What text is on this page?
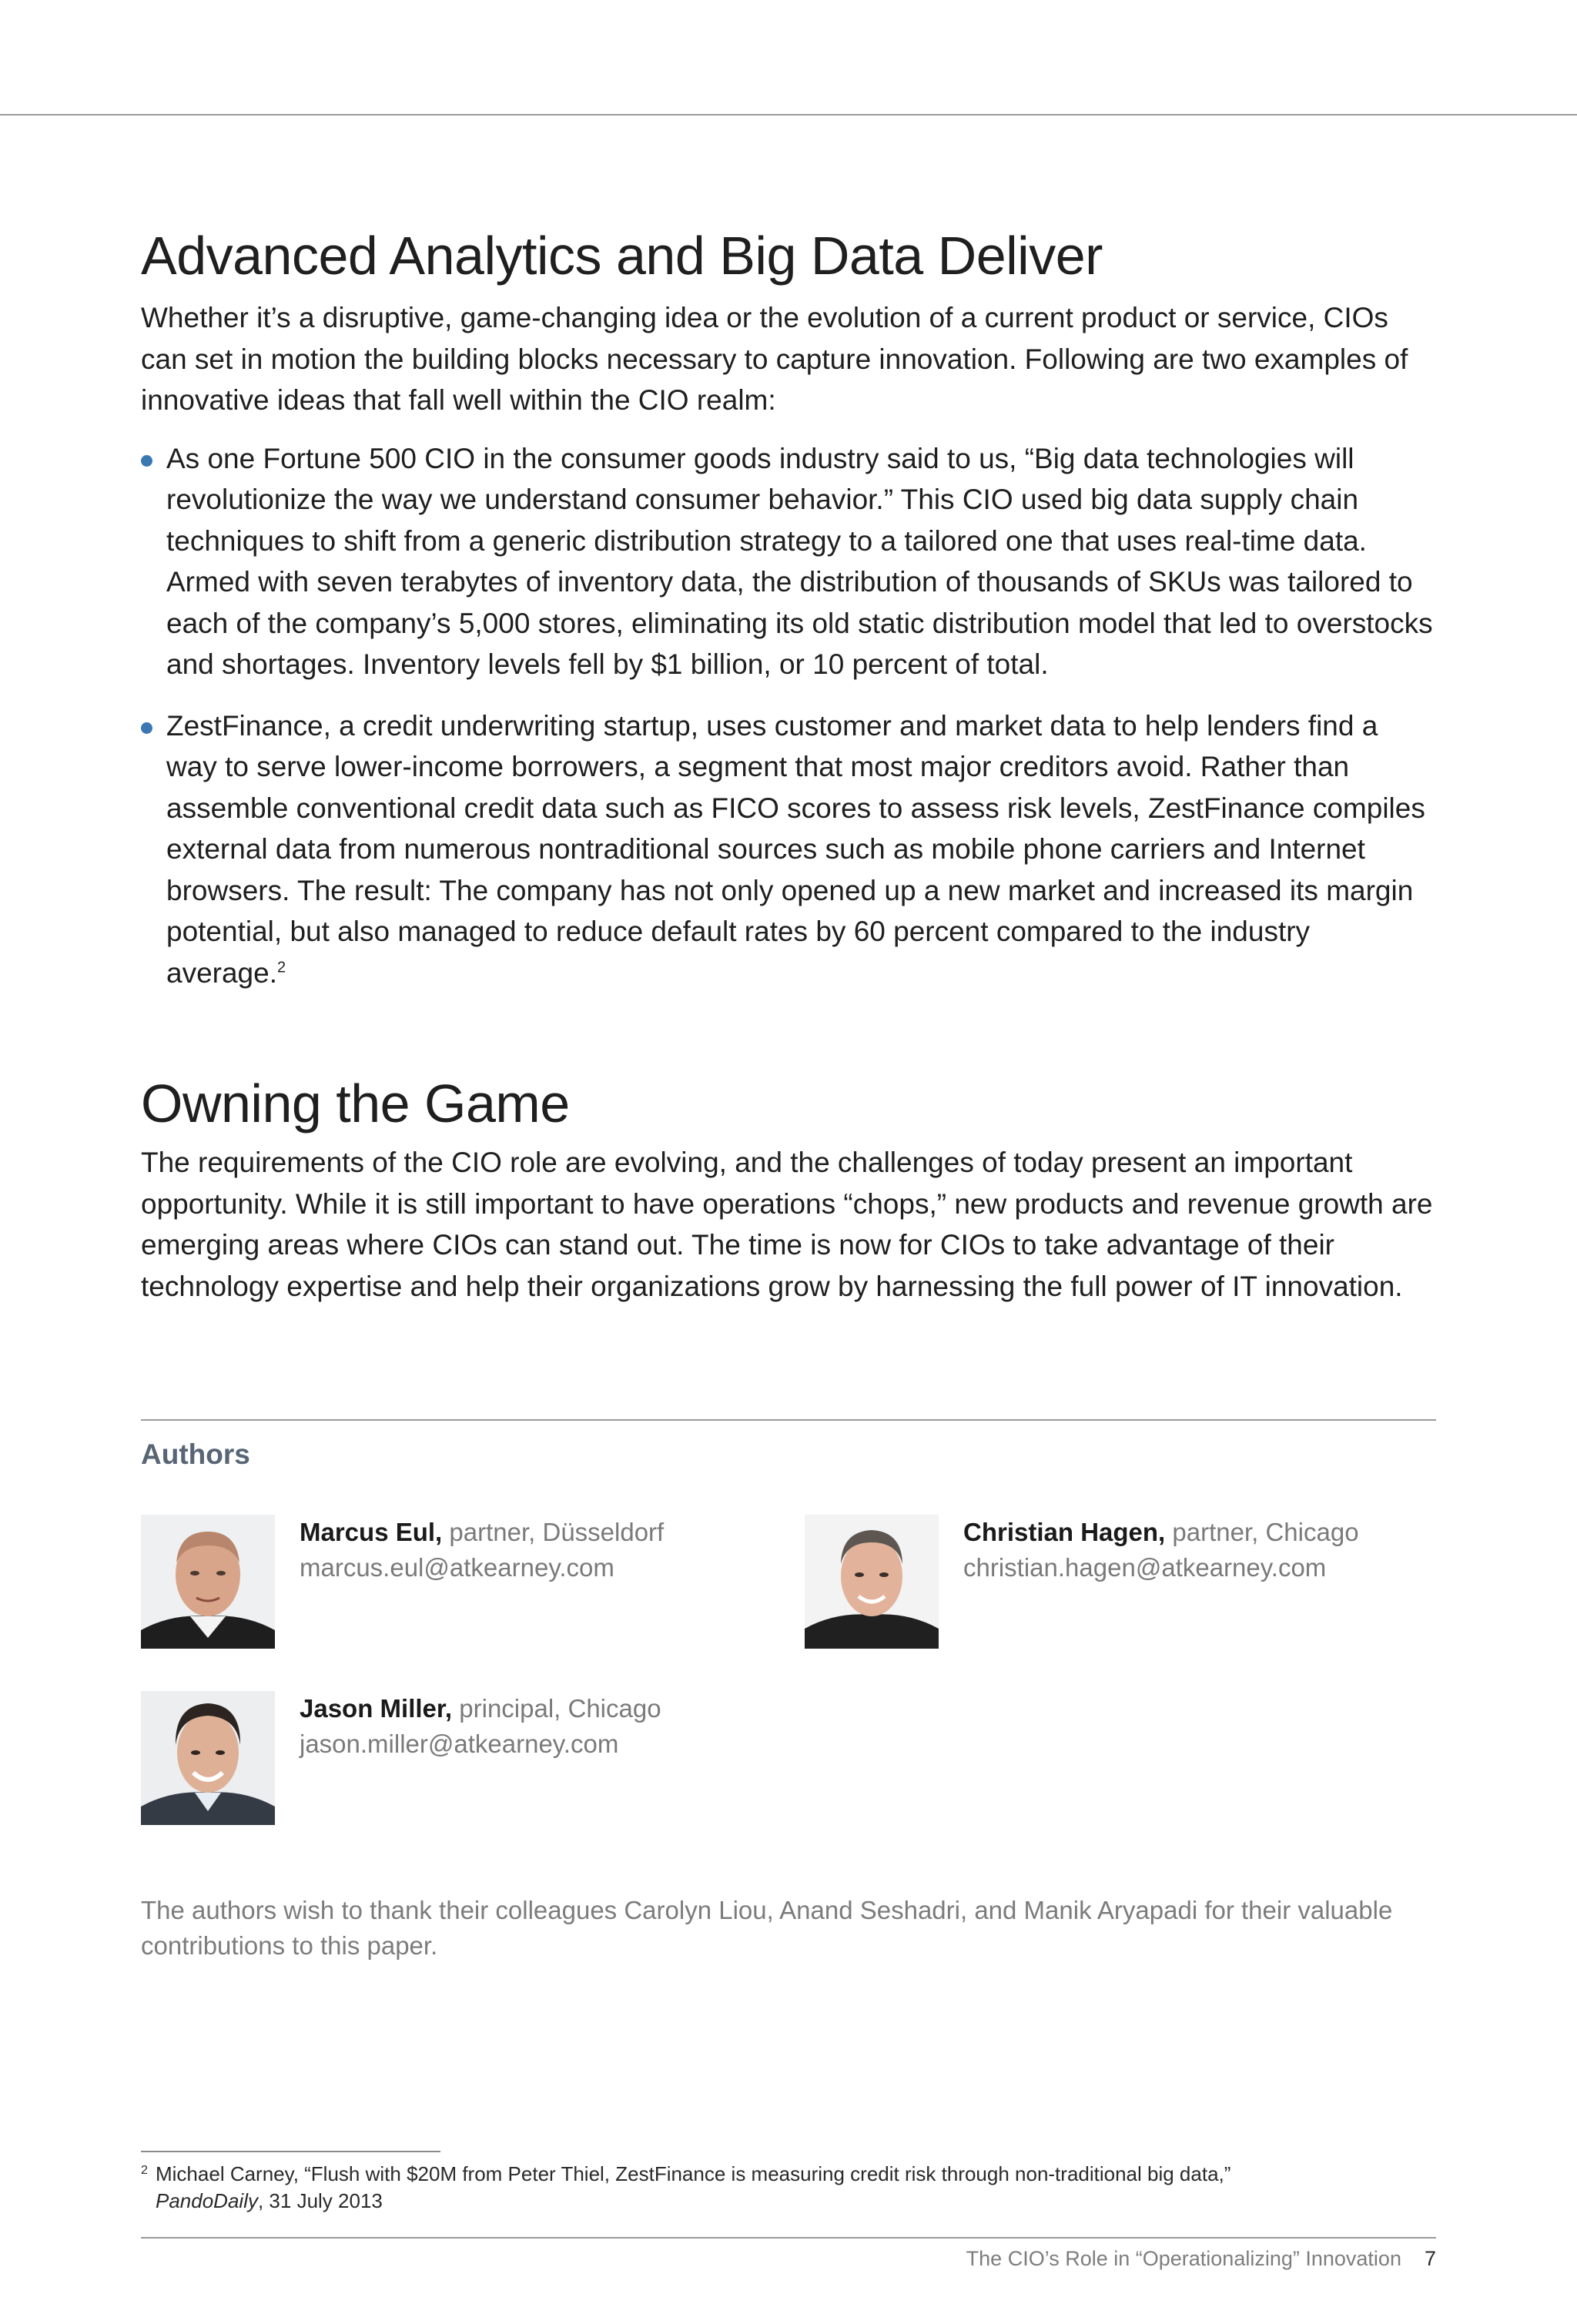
Advanced Analytics and Big Data Deliver

Whether it’s a disruptive, game-changing idea or the evolution of a current product or service, CIOs can set in motion the building blocks necessary to capture innovation. Following are two examples of innovative ideas that fall well within the CIO realm:

As one Fortune 500 CIO in the consumer goods industry said to us, “Big data technologies will revolutionize the way we understand consumer behavior.” This CIO used big data supply chain techniques to shift from a generic distribution strategy to a tailored one that uses real-time data. Armed with seven terabytes of inventory data, the distribution of thousands of SKUs was tailored to each of the company’s 5,000 stores, eliminating its old static distribution model that led to overstocks and shortages. Inventory levels fell by $1 billion, or 10 percent of total.
ZestFinance, a credit underwriting startup, uses customer and market data to help lenders find a way to serve lower-income borrowers, a segment that most major creditors avoid. Rather than assemble conventional credit data such as FICO scores to assess risk levels, ZestFinance compiles external data from numerous nontraditional sources such as mobile phone carriers and Internet browsers. The result: The company has not only opened up a new market and increased its margin potential, but also managed to reduce default rates by 60 percent compared to the industry average.$^2$
Owning the Game

The requirements of the CIO role are evolving, and the challenges of today present an important opportunity. While it is still important to have operations “chops,” new products and revenue growth are emerging areas where CIOs can stand out. The time is now for CIOs to take advantage of their technology expertise and help their organizations grow by harnessing the full power of IT innovation.

Authors
Marcus Eul, partner, Düsseldorf
marcus.eul@atkearney.com
Christian Hagen, partner, Chicago
christian.hagen@atkearney.com
Jason Miller, principal, Chicago
jason.miller@atkearney.com
The authors wish to thank their colleagues Carolyn Liou, Anand Seshadri, and Manik Aryapadi for their valuable contributions to this paper.
2 Michael Carney, “Flush with $20M from Peter Thiel, ZestFinance is measuring credit risk through non-traditional big data,”
PandoDaily, 31 July 2013
The CIO’s Role in “Operationalizing” Innovation 7
